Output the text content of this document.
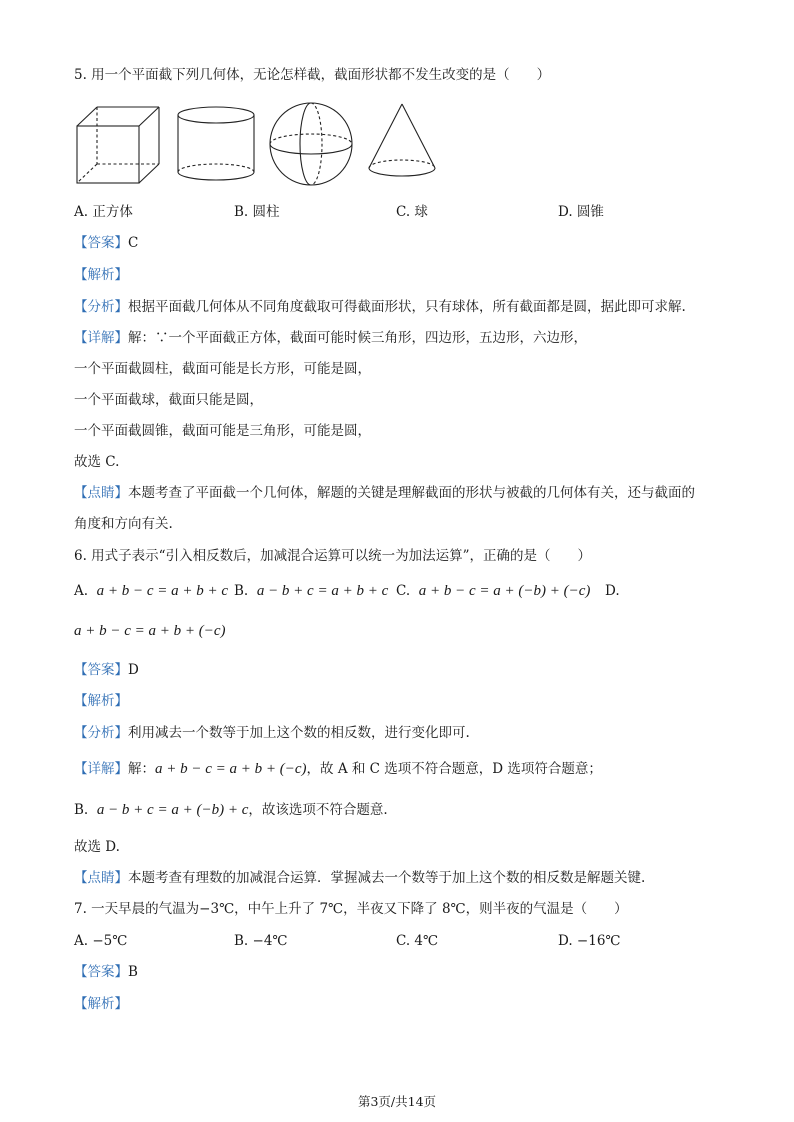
5. 用一个平面截下列几何体，无论怎样截，截面形状都不发生改变的是（　　）
A. 正方体	B. 圆柱	C. 球	D. 圆锥
【答案】C
【解析】
【分析】根据平面截几何体从不同角度截取可得截面形状，只有球体，所有截面都是圆，据此即可求解.
【详解】解：∵一个平面截正方体，截面可能时候三角形，四边形，五边形，六边形，
一个平面截圆柱，截面可能是长方形，可能是圆，
一个平面截球，截面只能是圆，
一个平面截圆锥，截面可能是三角形，可能是圆，
故选 C.
【点睛】本题考查了平面截一个几何体，解题的关键是理解截面的形状与被截的几何体有关，还与截面的
角度和方向有关.
6. 用式子表示“引入相反数后，加减混合运算可以统一为加法运算”，正确的是（　　）
A. a + b − c = a + b + c B. a − b + c = a + b + c C. a + b − c = a + (−b) + (−c) D.
a + b − c = a + b + (−c)
【答案】D
【解析】
【分析】利用减去一个数等于加上这个数的相反数，进行变化即可.
【详解】解：a + b − c = a + b + (−c)，故 A 和 C 选项不符合题意，D 选项符合题意；
B. a − b + c = a + (−b) + c，故该选项不符合题意.
故选 D.
【点睛】本题考查有理数的加减混合运算．掌握减去一个数等于加上这个数的相反数是解题关键.
7. 一天早晨的气温为−3℃，中午上升了 7℃，半夜又下降了 8℃，则半夜的气温是（　　）
A. −5℃	B. −4℃	C. 4℃	D. −16℃
【答案】B
【解析】
第3页/共14页
